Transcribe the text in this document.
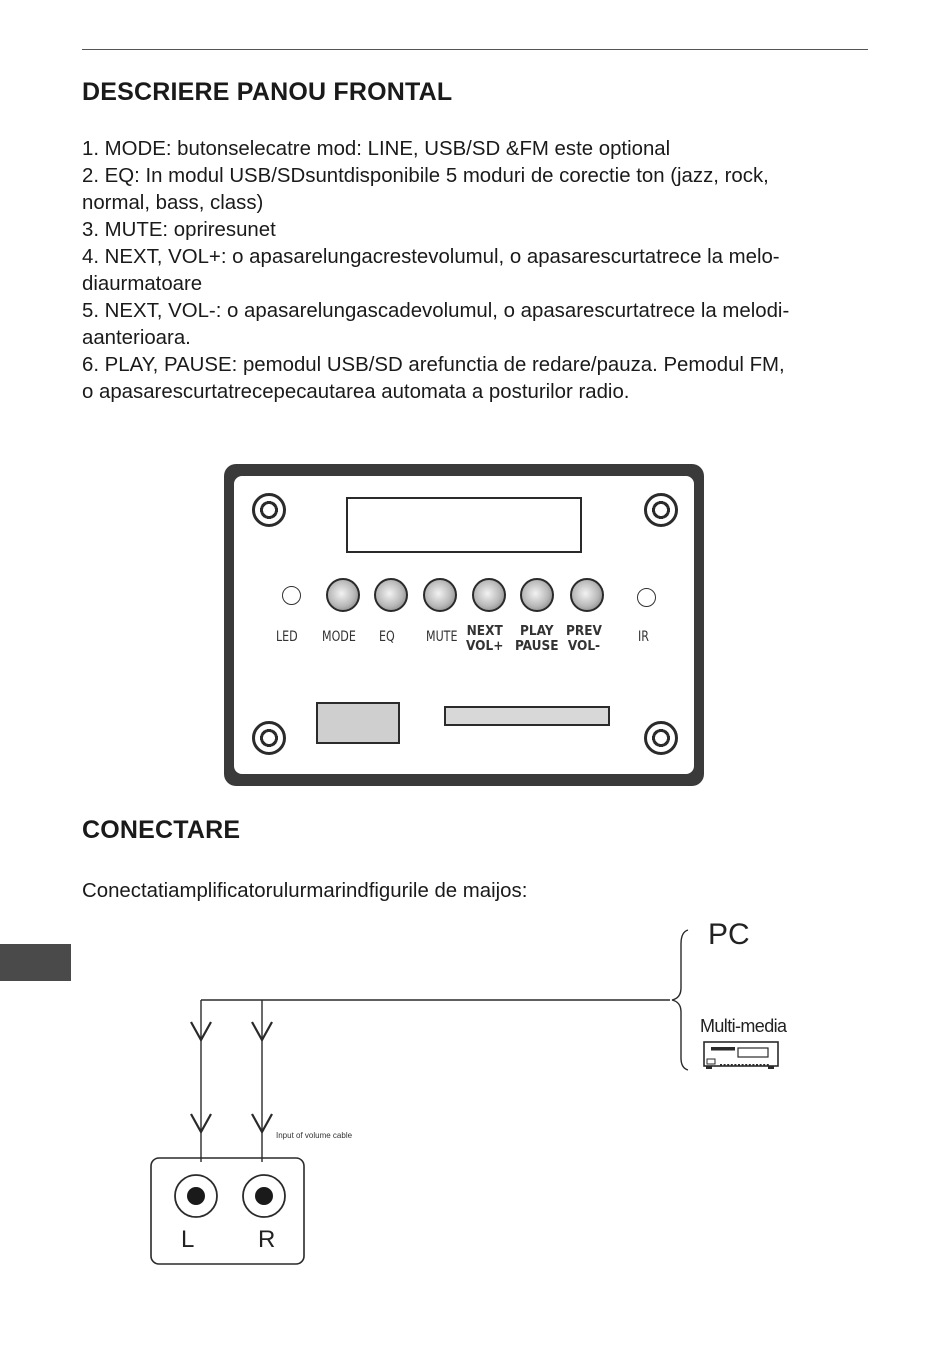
DESCRIERE PANOU FRONTAL
1. MODE: butonselecatre mod: LINE, USB/SD &FM este optional
2. EQ: In modul USB/SDsuntdisponibile 5 moduri de corectie ton (jazz, rock,
normal, bass, class)
3. MUTE: opriresunet
4. NEXT, VOL+: o apasarelungacrestevolumul, o apasarescurtatrece la melo-
diaurmatoare
5. NEXT, VOL-: o apasarelungascadevolumul, o apasarescurtatrece la melodi-
aanterioara.
6. PLAY, PAUSE: pemodul USB/SD arefunctia de redare/pauza. Pemodul FM,
o apasarescurtatrecepecautarea automata a posturilor radio.
LED MODE EQ MUTE NEXT
VOL+
PLAY
PAUSE
PREV
VOL-
IR
CONECTARE

Conectatiamplificatorulurmarindfigurile de maijos:

PC
Multi-media
Input of volume cable
L	R
